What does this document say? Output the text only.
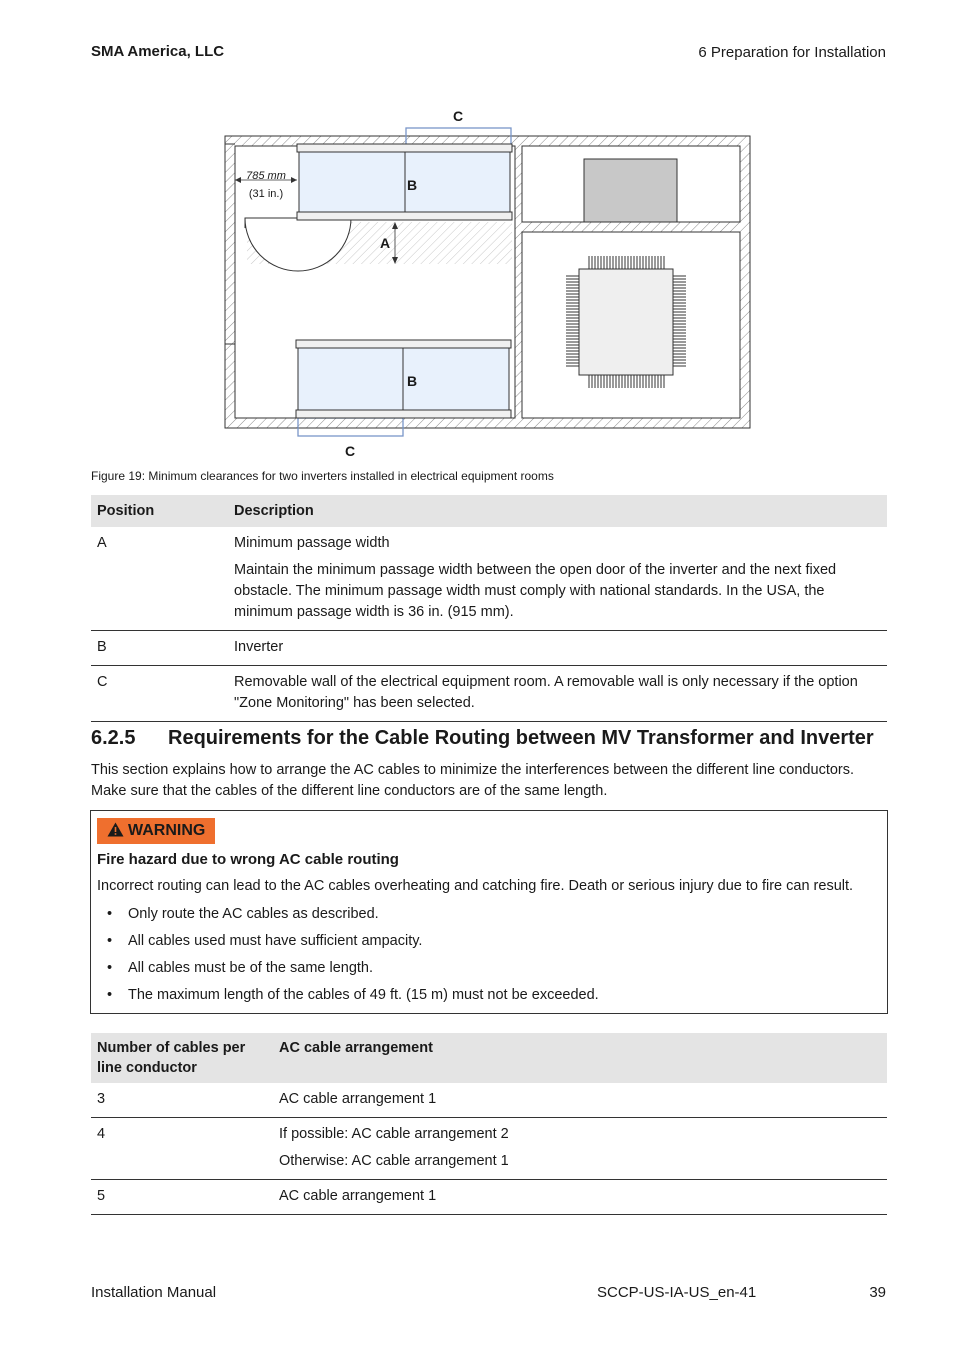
SMA America, LLC	6 Preparation for Installation
785 mm
(31 in.)
C
B
A
B
C
Figure 19: Minimum clearances for two inverters installed in electrical equipment rooms
Position	Description
A	Minimum passage width

Maintain the minimum passage width between the open door of the inverter and the next fixed obstacle. The minimum passage width must comply with national standards. In the USA, the minimum passage width is 36 in. (915 mm).

B	Inverter

C	Removable wall of the electrical equipment room. A removable wall is only necessary if the option "Zone Monitoring" has been selected.

6.2.5 Requirements for the Cable Routing between MV Transformer and Inverter
This section explains how to arrange the AC cables to minimize the interferences between the different line conductors. Make sure that the cables of the different line conductors are of the same length.
WARNING
Fire hazard due to wrong AC cable routing
Incorrect routing can lead to the AC cables overheating and catching fire. Death or serious injury due to fire can result.
• Only route the AC cables as described.
• All cables used must have sufficient ampacity.
• All cables must be of the same length.
• The maximum length of the cables of 49 ft. (15 m) must not be exceeded.
Number of cables per line conductor	AC cable arrangement
3	AC cable arrangement 1

4	If possible: AC cable arrangement 2

Otherwise: AC cable arrangement 1

5	AC cable arrangement 1

Installation Manual	SCCP-US-IA-US_en-41	39
